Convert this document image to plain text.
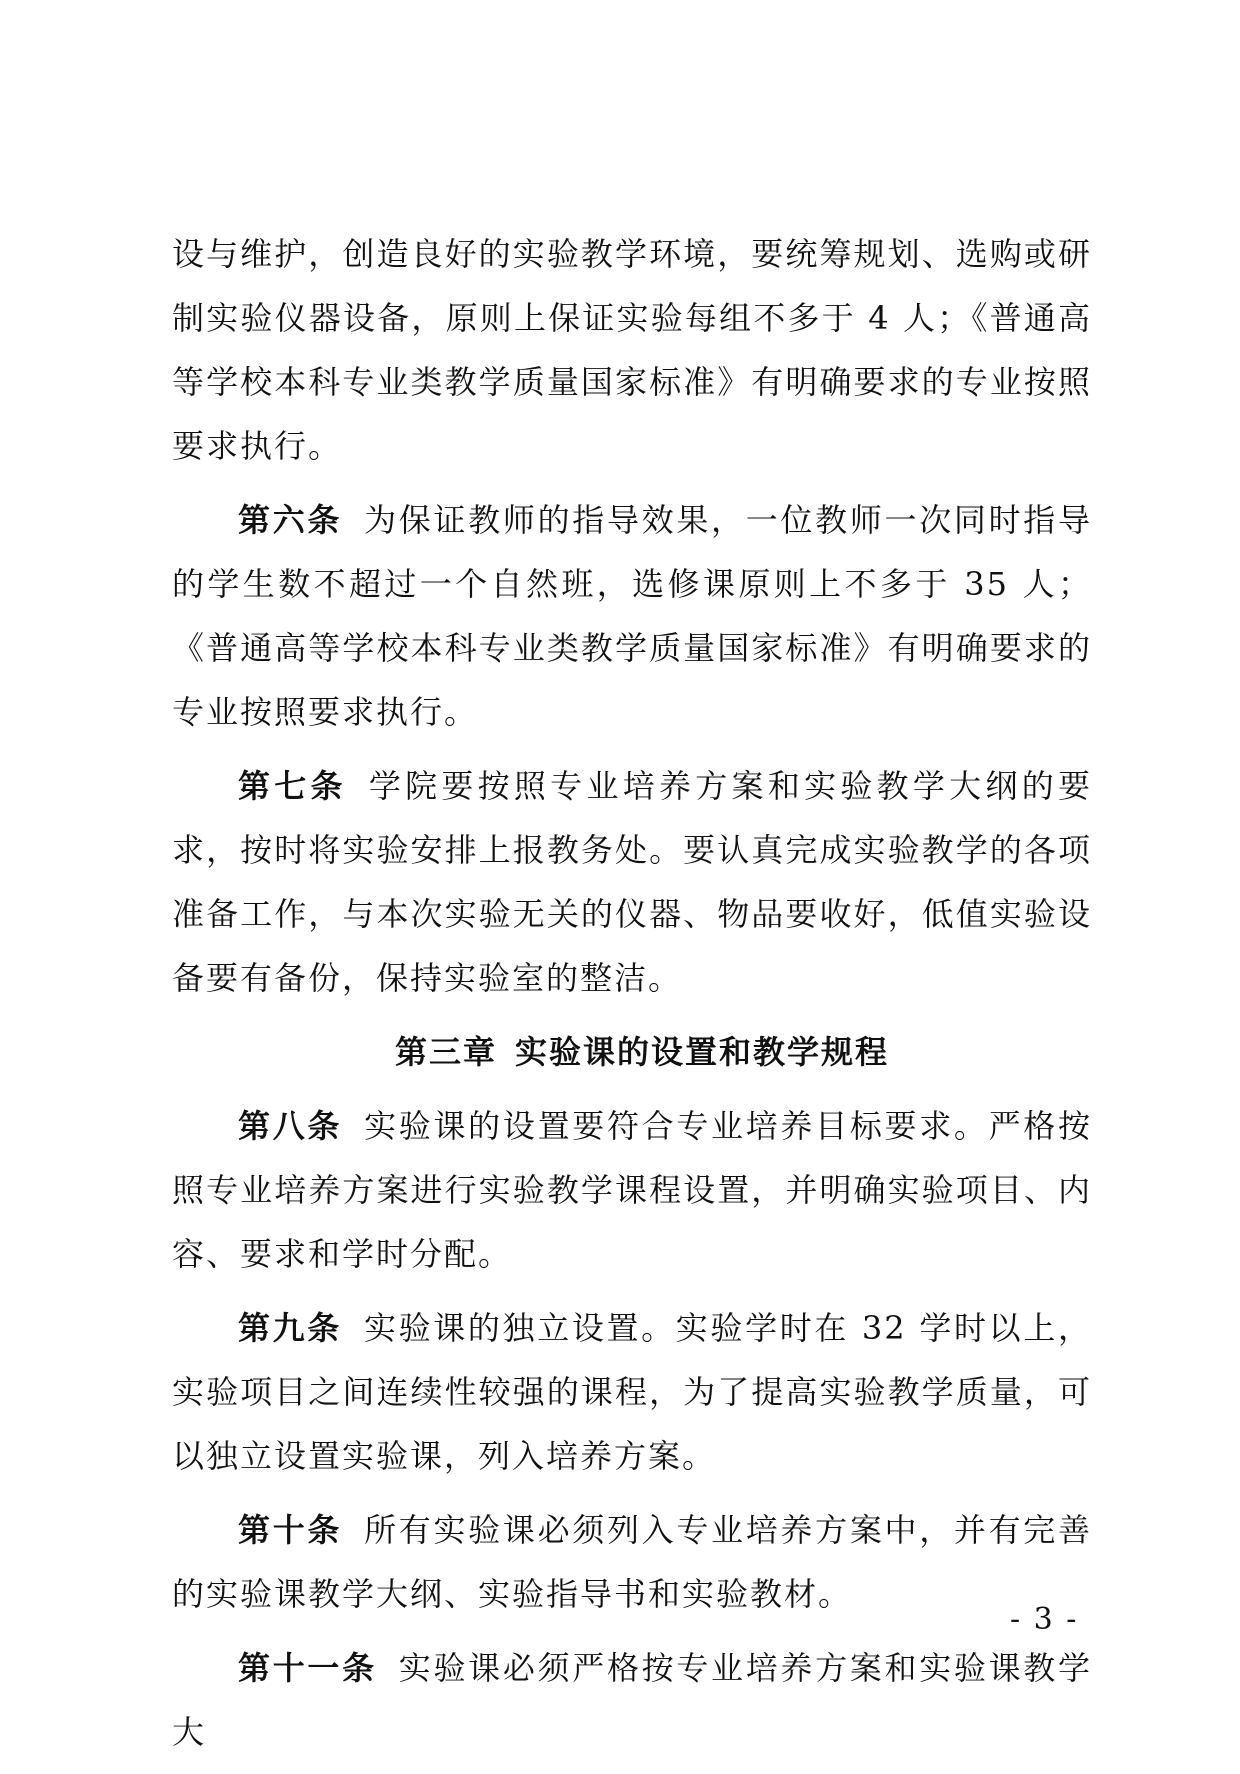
设与维护，创造良好的实验教学环境，要统筹规划、选购或研制实验仪器设备，原则上保证实验每组不多于 4 人；《普通高等学校本科专业类教学质量国家标准》有明确要求的专业按照要求执行。

第六条 为保证教师的指导效果，一位教师一次同时指导的学生数不超过一个自然班，选修课原则上不多于 35 人；《普通高等学校本科专业类教学质量国家标准》有明确要求的专业按照要求执行。

第七条 学院要按照专业培养方案和实验教学大纲的要求，按时将实验安排上报教务处。要认真完成实验教学的各项准备工作，与本次实验无关的仪器、物品要收好，低值实验设备要有备份，保持实验室的整洁。

第三章 实验课的设置和教学规程

第八条 实验课的设置要符合专业培养目标要求。严格按照专业培养方案进行实验教学课程设置，并明确实验项目、内容、要求和学时分配。

第九条 实验课的独立设置。实验学时在 32 学时以上，实验项目之间连续性较强的课程，为了提高实验教学质量，可以独立设置实验课，列入培养方案。

第十条 所有实验课必须列入专业培养方案中，并有完善的实验课教学大纲、实验指导书和实验教材。

第十一条 实验课必须严格按专业培养方案和实验课教学大

- 3 -
